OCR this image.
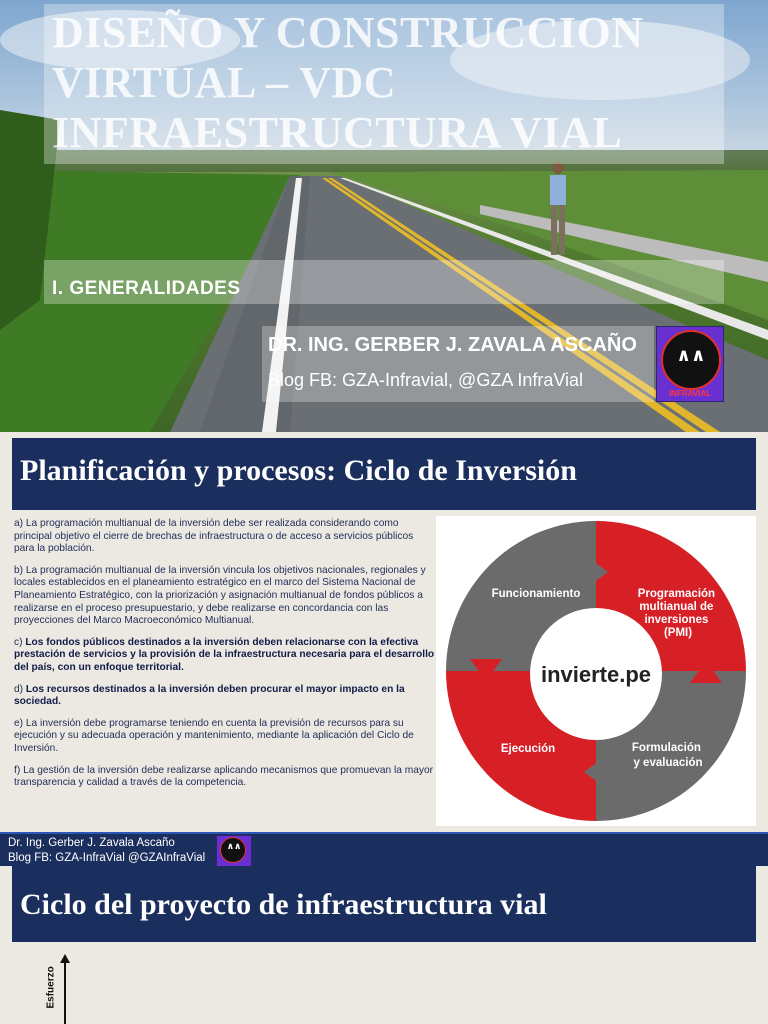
DISEÑO Y CONSTRUCCION
VIRTUAL – VDC
INFRAESTRUCTURA VIAL

I. GENERALIDADES

DR. ING. GERBER J. ZAVALA ASCAÑO

Blog FB: GZA-Infravial, @GZA InfraVial

∧∧
INFRAVIAL
Planificación y procesos: Ciclo de Inversión

a) La programación multianual de la inversión debe ser realizada considerando como principal objetivo el cierre de brechas de infraestructura o de acceso a servicios públicos para la población.

b) La programación multianual de la inversión vincula los objetivos nacionales, regionales y locales establecidos en el planeamiento estratégico en el marco del Sistema Nacional de Planeamiento Estratégico, con la priorización y asignación multianual de fondos públicos a realizarse en el proceso presupuestario, y debe realizarse en concordancia con las proyecciones del Marco Macroeconómico Multianual.

c) Los fondos públicos destinados a la inversión deben relacionarse con la efectiva prestación de servicios y la provisión de la infraestructura necesaria para el desarrollo del país, con un enfoque territorial.

d) Los recursos destinados a la inversión deben procurar el mayor impacto en la sociedad.

e) La inversión debe programarse teniendo en cuenta la previsión de recursos para su ejecución y su adecuada operación y mantenimiento, mediante la aplicación del Ciclo de Inversión.

f) La gestión de la inversión debe realizarse aplicando mecanismos que promuevan la mayor transparencia y calidad a través de la competencia.

invierte.pe
Funcionamiento	Programación multianual de inversiones (PMI)
Formulación y evaluación
Ejecución

Dr. Ing. Gerber J. Zavala Ascaño

Blog FB: GZA-InfraVial @GZAInfraVial

∧∧
Ciclo del proyecto de infraestructura vial

Esfuerzo
